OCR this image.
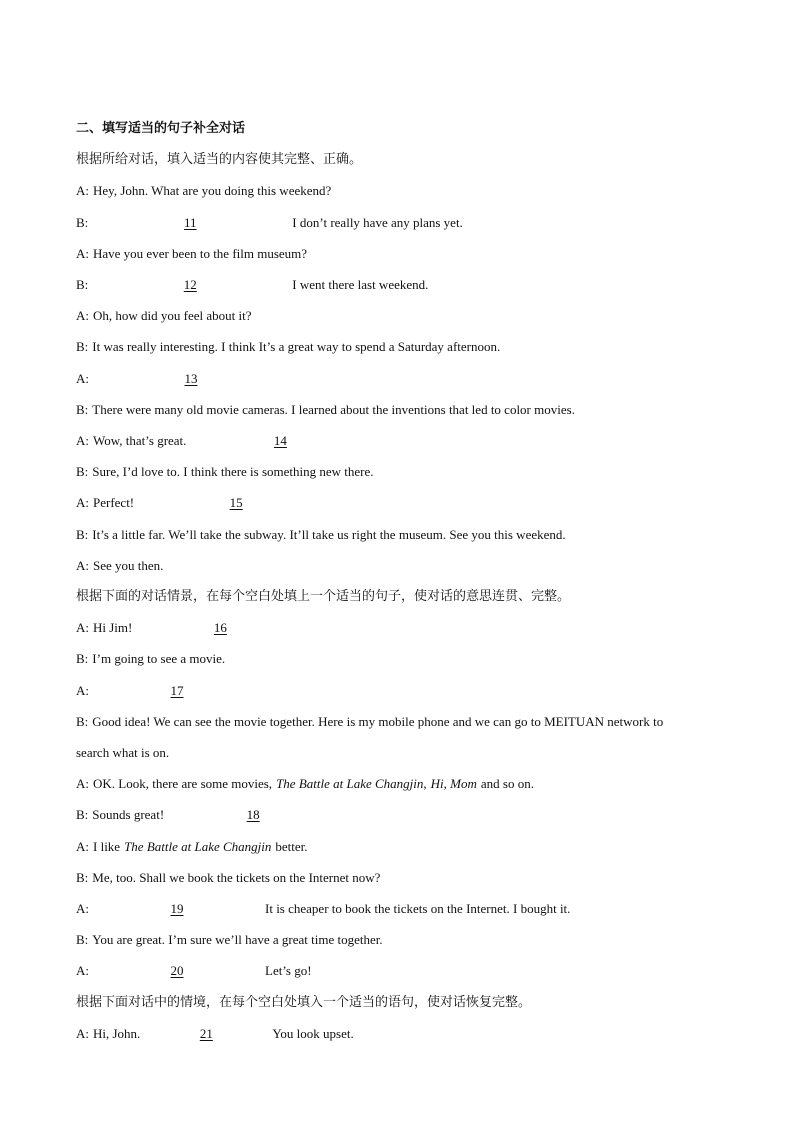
二、填写适当的句子补全对话
根据所给对话，填入适当的内容使其完整、正确。
A: Hey, John. What are you doing this weekend?
B:	11	I don’t really have any plans yet.
A: Have you ever been to the film museum?
B:	12	I went there last weekend.
A: Oh, how did you feel about it?
B: It was really interesting. I think It’s a great way to spend a Saturday afternoon.
A:	13
B: There were many old movie cameras. I learned about the inventions that led to color movies.
A: Wow, that’s great.	14
B: Sure, I’d love to. I think there is something new there.
A: Perfect!	15
B: It’s a little far. We’ll take the subway. It’ll take us right the museum. See you this weekend.
A: See you then.
根据下面的对话情景，在每个空白处填上一个适当的句子，使对话的意思连贯、完整。
A: Hi Jim!	16
B: I’m going to see a movie.
A:	17
B: Good idea! We can see the movie together. Here is my mobile phone and we can go to MEITUAN network to
search what is on.
A: OK. Look, there are some movies, The Battle at Lake Changjin, Hi, Mom and so on.
B: Sounds great!	18
A: I like The Battle at Lake Changjin better.
B: Me, too. Shall we book the tickets on the Internet now?
A:	19	It is cheaper to book the tickets on the Internet. I bought it.
B: You are great. I’m sure we’ll have a great time together.
A:	20	Let’s go!
根据下面对话中的情境，在每个空白处填入一个适当的语句，使对话恢复完整。
A: Hi, John.	21	You look upset.
